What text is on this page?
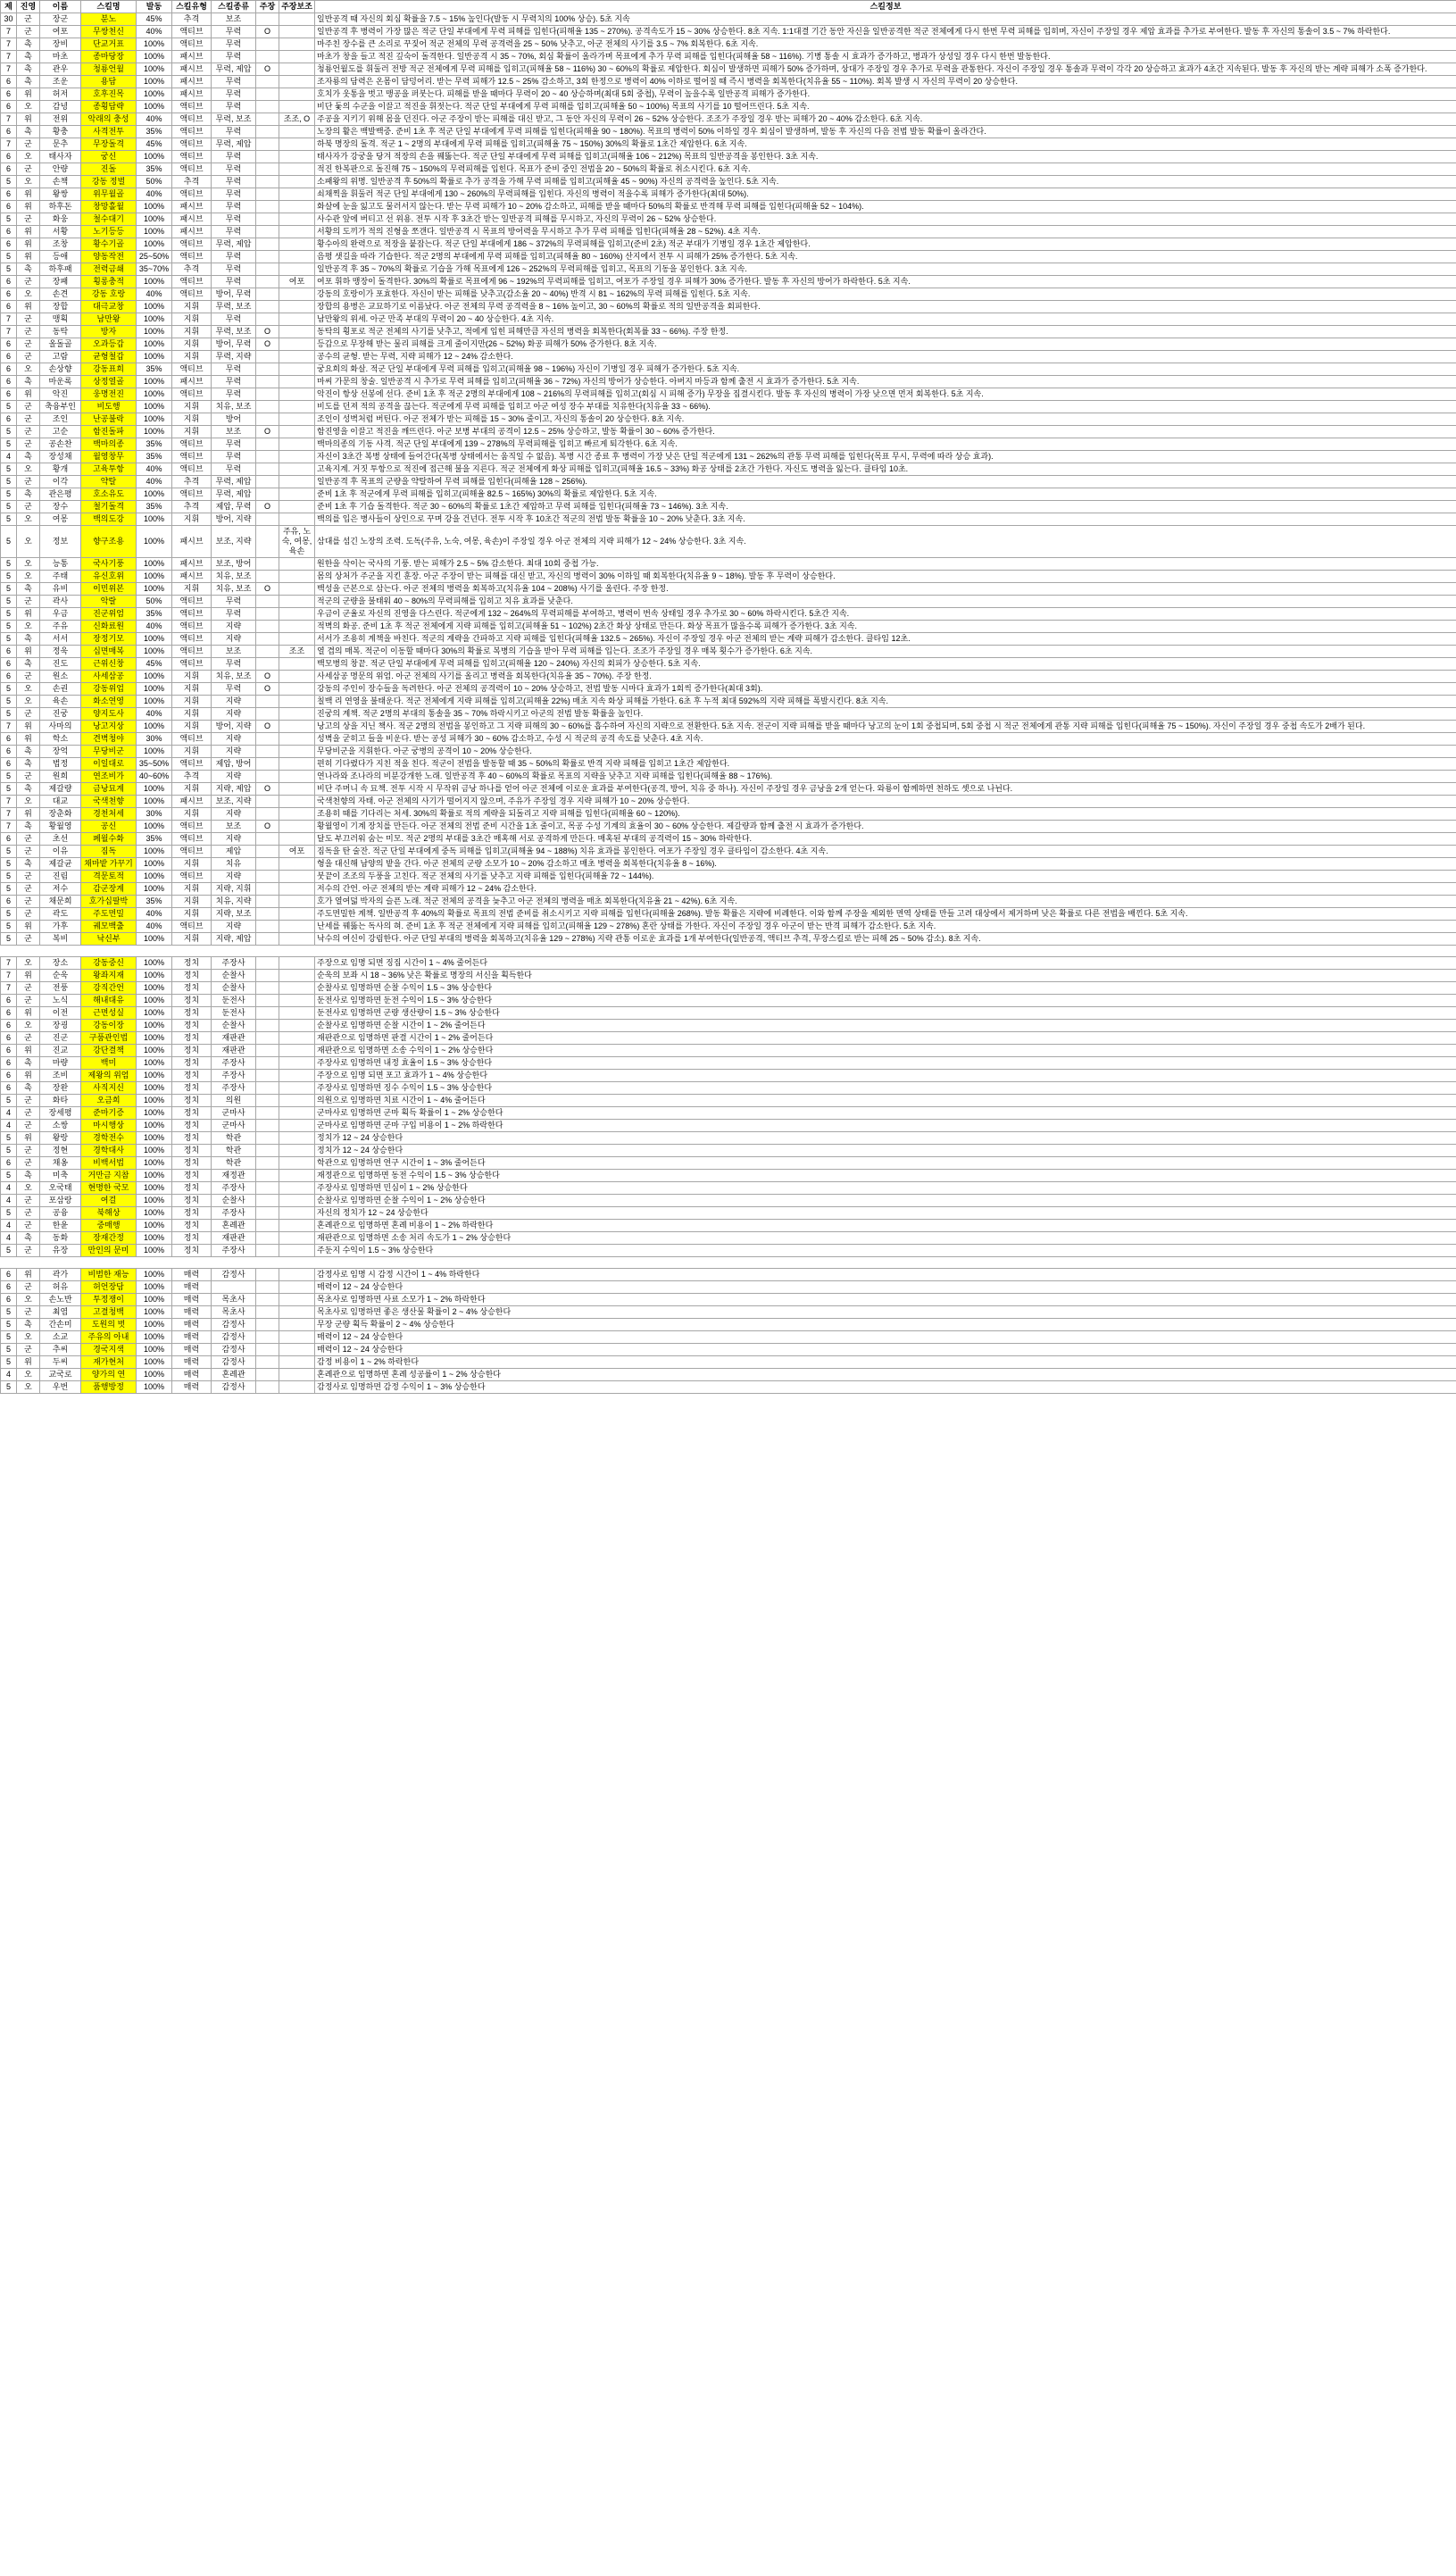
제	진영	이름	스킬명	발동	스킬유형	스킬종류	주장	주장보조	스킬정보
30	군	장군	분노	45%	추격	보조			일반공격 때 자신의 회심 확률을 7.5 ~ 15% 높인다(발동 시 무력치의 100% 상승). 5초 지속
7	군	여포	무쌍천신	40%	액티브	무력	O		일반공격 후 병력이 가장 많은 적군 단일 부대에게 무력 피해를 입힌다(피해율 135 ~ 270%). 공격속도가 15 ~ 30% 상승한다. 8초 지속. 1:1대결 기간 동안 자신을 일반공격한 적군 전체에게 다시 한번 무력 피해를 입히며, 자신이 주장일 경우 제압 효과를 추가로 부여한다. 발동 후 자신의 통솔이 3.5 ~ 7% 하락한다.
7	촉	장비	단교거표	100%	액티브	무력			마주친 장수를 큰 소리로 꾸짖어 적군 전체의 무력 공격력을 25 ~ 50% 낮추고, 아군 전체의 사기를 3.5 ~ 7% 회복한다. 6초 지속.
7	촉	마초	종마당장	100%	패시브	무력			마초가 창을 들고 적진 깊숙이 돌격한다. 일반공격 시 35 ~ 70%, 회심 확률이 올라가며 목표에게 추가 무력 피해를 입힌다(피해율 58 ~ 116%). 기병 통솔 시 효과가 증가하고, 병과가 상성일 경우 다시 한번 발동한다.
7	촉	관우	청룡언월	100%	패시브	무력, 제압	O		청룡언월도를 휘둘러 전방 적군 전체에게 무력 피해를 입히고(피해율 58 ~ 116%) 30 ~ 60%의 확률로 제압한다. 회심이 발생하면 피해가 50% 증가하며, 상대가 주장일 경우 추가로 무력을 관통한다. 자신이 주장일 경우 통솔과 무력이 각각 20 상승하고 효과가 4초간 지속된다. 발동 후 자신의 받는 계략 피해가 소폭 증가한다.
6	촉	조운	용담	100%	패시브	무력			조자룡의 담력은 온몸이 담덩어리. 받는 무력 피해가 12.5 ~ 25% 감소하고, 3회 한정으로 병력이 40% 이하로 떨어질 때 즉시 병력을 회복한다(치유율 55 ~ 110%). 회복 발생 시 자신의 무력이 20 상승한다.
6	위	허저	호후진목	100%	패시브	무력			호치가 웃통을 벗고 맹공을 퍼붓는다. 피해를 받을 때마다 무력이 20 ~ 40 상승하며(최대 5회 중첩), 무력이 높을수록 일반공격 피해가 증가한다.
6	오	감녕	종횡담략	100%	액티브	무력			비단 돛의 수군을 이끌고 적진을 휘젓는다. 적군 단일 부대에게 무력 피해를 입히고(피해율 50 ~ 100%) 목표의 사기를 10 떨어뜨린다. 5초 지속.
7	위	전위	악래의 충성	40%	액티브	무력, 보조		조조, O	주공을 지키기 위해 몸을 던진다. 아군 주장이 받는 피해를 대신 받고, 그 동안 자신의 무력이 26 ~ 52% 상승한다. 조조가 주장일 경우 받는 피해가 20 ~ 40% 감소한다. 6초 지속.
6	촉	황충	사격전투	35%	액티브	무력			노장의 활은 백발백중. 준비 1초 후 적군 단일 부대에게 무력 피해를 입힌다(피해율 90 ~ 180%). 목표의 병력이 50% 이하일 경우 회심이 발생하며, 발동 후 자신의 다음 전법 발동 확률이 올라간다.
7	군	문추	무장돌격	45%	액티브	무력, 제압			하북 명장의 돌격. 적군 1 ~ 2명의 부대에게 무력 피해를 입히고(피해율 75 ~ 150%) 30%의 확률로 1초간 제압한다. 6초 지속.
6	오	태사자	궁신	100%	액티브	무력			태사자가 강궁을 당겨 적장의 손을 꿰뚫는다. 적군 단일 부대에게 무력 피해를 입히고(피해율 106 ~ 212%) 목표의 일반공격을 봉인한다. 3초 지속.
6	군	안량	진돌	35%	액티브	무력			적진 한복판으로 돌진해 75 ~ 150%의 무력피해를 입힌다. 목표가 준비 중인 전법을 20 ~ 50%의 확률로 취소시킨다. 6초 지속.
5	오	손책	강동 정벌	50%	추격	무력			소패왕의 위명. 일반공격 후 50%의 확률로 추가 공격을 가해 무력 피해를 입히고(피해율 45 ~ 90%) 자신의 공격력을 높인다. 5초 지속.
6	위	왕쌍	위무월골	40%	액티브	무력			쇠채찍을 휘둘러 적군 단일 부대에게 130 ~ 260%의 무력피해를 입힌다. 자신의 병력이 적을수록 피해가 증가한다(최대 50%).
6	위	하후돈	창망홀월	100%	패시브	무력			화살에 눈을 잃고도 물러서지 않는다. 받는 무력 피해가 10 ~ 20% 감소하고, 피해를 받을 때마다 50%의 확률로 반격해 무력 피해를 입힌다(피해율 52 ~ 104%).
5	군	화웅	철수대기	100%	패시브	무력			사수관 앞에 버티고 선 위용. 전투 시작 후 3초간 받는 일반공격 피해를 무시하고, 자신의 무력이 26 ~ 52% 상승한다.
6	위	서황	노기등등	100%	패시브	무력			서황의 도끼가 적의 진형을 쪼갠다. 일반공격 시 목표의 방어력을 무시하고 추가 무력 피해를 입힌다(피해율 28 ~ 52%). 4초 지속.
6	위	조창	황수기골	100%	액티브	무력, 제압			황수아의 완력으로 적장을 붙잡는다. 적군 단일 부대에게 186 ~ 372%의 무력피해를 입히고(준비 2초) 적군 부대가 기병일 경우 1초간 제압한다.
5	위	등애	양동작전	25~50%	액티브	무력			음평 샛길을 따라 기습한다. 적군 2명의 부대에게 무력 피해를 입히고(피해율 80 ~ 160%) 산지에서 전투 시 피해가 25% 증가한다. 5초 지속.
5	촉	하후패	전력금쇄	35~70%	추격	무력			일반공격 후 35 ~ 70%의 확률로 기습을 가해 목표에게 126 ~ 252%의 무력피해를 입히고, 목표의 기동을 봉인한다. 3초 지속.
6	군	장패	횡롱충적	100%	액티브	무력		여포	여포 휘하 맹장이 돌격한다. 30%의 확률로 목표에게 96 ~ 192%의 무력피해를 입히고, 여포가 주장일 경우 피해가 30% 증가한다. 발동 후 자신의 방어가 하락한다. 5초 지속.
6	오	손견	강동 호랑	40%	액티브	방어, 무력			강동의 호랑이가 포효한다. 자신이 받는 피해를 낮추고(감소율 20 ~ 40%) 반격 시 81 ~ 162%의 무력 피해를 입힌다. 5초 지속.
6	위	장합	대극교창	100%	지휘	무력, 보조			장합의 용병은 교묘하기로 이름났다. 아군 전체의 무력 공격력을 8 ~ 16% 높이고, 30 ~ 60%의 확률로 적의 일반공격을 회피한다.
7	군	맹획	남만왕	100%	지휘	무력			남만왕의 위세. 아군 만족 부대의 무력이 20 ~ 40 상승한다. 4초 지속.
7	군	동탁	방자	100%	지휘	무력, 보조	O		동탁의 횡포로 적군 전체의 사기를 낮추고, 적에게 입힌 피해만큼 자신의 병력을 회복한다(회복률 33 ~ 66%). 주장 한정.
6	군	올돌골	오과등갑	100%	지휘	방어, 무력	O		등갑으로 무장해 받는 물리 피해를 크게 줄이지만(26 ~ 52%) 화공 피해가 50% 증가한다. 8초 지속.
6	군	고람	균형철갑	100%	지휘	무력, 지략			공수의 균형. 받는 무력, 지략 피해가 12 ~ 24% 감소한다.
6	오	손상향	강동표희	35%	액티브	무력			궁요희의 화살. 적군 단일 부대에게 무력 피해를 입히고(피해율 98 ~ 196%) 자신이 기병일 경우 피해가 증가한다. 5초 지속.
6	촉	마운록	상정열골	100%	패시브	무력			마씨 가문의 창술. 일반공격 시 추가로 무력 피해를 입히고(피해율 36 ~ 72%) 자신의 방어가 상승한다. 아버지 마등과 함께 출전 시 효과가 증가한다. 5초 지속.
6	위	악진	웅명전진	100%	액티브	무력			악진이 항상 선봉에 선다. 준비 1초 후 적군 2명의 부대에게 108 ~ 216%의 무력피해를 입히고(회심 시 피해 증가) 무장을 집결시킨다. 발동 후 자신의 병력이 가장 낮으면 먼저 회복한다. 5초 지속.
5	군	축융부인	비도행	100%	지휘	치유, 보조			비도를 던져 적의 공격을 끊는다. 적군에게 무력 피해를 입히고 아군 여성 장수 부대를 치유한다(치유율 33 ~ 66%).
6	군	조인	난공불락	100%	지휘	방어			조인이 성벽처럼 버틴다. 아군 전체가 받는 피해를 15 ~ 30% 줄이고, 자신의 통솔이 20 상승한다. 8초 지속.
5	군	고순	함진돌파	100%	지휘	보조	O		함진영을 이끌고 적진을 깨뜨린다. 아군 보병 부대의 공격이 12.5 ~ 25% 상승하고, 발동 확률이 30 ~ 60% 증가한다.
5	군	공손찬	백마의종	35%	액티브	무력			백마의종의 기동 사격. 적군 단일 부대에게 139 ~ 278%의 무력피해를 입히고 빠르게 퇴각한다. 6초 지속.
4	촉	장성채	월영창무	35%	액티브	무력			자신이 3초간 복병 상태에 들어간다(복병 상태에서는 움직일 수 없음). 복병 시간 종료 후 병력이 가장 낮은 단일 적군에게 131 ~ 262%의 관통 무력 피해를 입힌다(목표 무시, 무력에 따라 상승 효과).
5	오	황개	고육투항	40%	액티브	무력			고육지계. 거짓 투항으로 적진에 접근해 불을 지른다. 적군 전체에게 화상 피해를 입히고(피해율 16.5 ~ 33%) 화공 상태를 2초간 가한다. 자신도 병력을 잃는다. 클타임 10초.
5	군	이각	약탈	40%	추격	무력, 제압			일반공격 후 목표의 군량을 약탈하여 무력 피해를 입힌다(피해율 128 ~ 256%).
5	촉	관은평	호소유도	100%	액티브	무력, 제압			준비 1초 후 적군에게 무력 피해를 입히고(피해율 82.5 ~ 165%) 30%의 확률로 제압한다. 5초 지속.
5	군	장수	철기돌격	35%	추격	제압, 무력	O		준비 1초 후 기습 돌격한다. 적군 30 ~ 60%의 확률로 1초간 제압하고 무력 피해를 입힌다(피해율 73 ~ 146%). 3초 지속.
5	오	여몽	백의도강	100%	지휘	방어, 지략			백의를 입은 병사들이 상인으로 꾸며 강을 건넌다. 전투 시작 후 10초간 적군의 전법 발동 확률을 10 ~ 20% 낮춘다. 3초 지속.
5	오	정보	향구조용	100%	패시브	보조, 지략		주유, 노숙, 여몽, 육손	삼대를 섬긴 노장의 조력. 도독(주유, 노숙, 여몽, 육손)이 주장일 경우 아군 전체의 지략 피해가 12 ~ 24% 상승한다. 3초 지속.
5	오	능통	국사기풍	100%	패시브	보조, 방어			원한을 삭이는 국사의 기풍. 받는 피해가 2.5 ~ 5% 감소한다. 최대 10회 중첩 가능.
5	오	주태	유신호위	100%	패시브	치유, 보조			몸의 상처가 주군을 지킨 훈장. 아군 주장이 받는 피해를 대신 받고, 자신의 병력이 30% 이하일 때 회복한다(치유율 9 ~ 18%). 발동 후 무력이 상승한다.
5	촉	유비	이민위본	100%	지휘	치유, 보조	O		백성을 근본으로 삼는다. 아군 전체의 병력을 회복하고(치유율 104 ~ 208%) 사기를 올린다. 주장 한정.
5	군	곽사	악랄	50%	액티브	무력			적군의 군량을 불태워 40 ~ 80%의 무력피해를 입히고 치유 효과를 낮춘다.
5	위	우금	진군위엄	35%	액티브	무력			우금이 군율로 자신의 진영을 다스린다. 적군에게 132 ~ 264%의 무력피해를 부여하고, 병력이 번속 상태일 경우 추가로 30 ~ 60% 하락시킨다. 5초간 지속.
5	오	주유	신화료원	40%	액티브	지략			적벽의 화공. 준비 1초 후 적군 전체에게 지략 피해를 입히고(피해율 51 ~ 102%) 2초간 화상 상태로 만든다. 화상 목표가 많을수록 피해가 증가한다. 3초 지속.
5	촉	서서	장정기모	100%	액티브	지략			서서가 조용히 계책을 바친다. 적군의 계략을 간파하고 지략 피해를 입힌다(피해율 132.5 ~ 265%). 자신이 주장일 경우 아군 전체의 받는 계략 피해가 감소한다. 클타임 12초.
6	위	정욱	십면매복	100%	액티브	보조		조조	열 겹의 매복. 적군이 이동할 때마다 30%의 확률로 복병의 기습을 받아 무력 피해를 입는다. 조조가 주장일 경우 매복 횟수가 증가한다. 6초 지속.
6	촉	진도	근위신창	45%	액티브	무력			백모병의 창끝. 적군 단일 부대에게 무력 피해를 입히고(피해율 120 ~ 240%) 자신의 회피가 상승한다. 5초 지속.
6	군	원소	사세삼공	100%	지휘	치유, 보조	O		사세삼공 명문의 위엄. 아군 전체의 사기를 올리고 병력을 회복한다(치유율 35 ~ 70%). 주장 한정.
5	오	손권	강동위업	100%	지휘	무력	O		강동의 주인이 장수들을 독려한다. 아군 전체의 공격력이 10 ~ 20% 상승하고, 전법 발동 시마다 효과가 1회씩 증가한다(최대 3회).
5	오	육손	화소연영	100%	지휘	지략			칠백 리 연영을 불태운다. 적군 전체에게 지략 피해를 입히고(피해율 22%) 매초 지속 화상 피해를 가한다. 6초 후 누적 최대 592%의 지략 피해를 폭발시킨다. 8초 지속.
5	군	진궁	양지도사	40%	지휘	지략			진궁의 계책. 적군 2명의 부대의 통솔을 35 ~ 70% 하락시키고 아군의 전법 발동 확률을 높인다.
7	위	사마의	낭고지상	100%	지휘	방어, 지략	O		낭고의 상을 지닌 책사. 적군 2명의 전법을 봉인하고 그 지략 피해의 30 ~ 60%를 흡수하여 자신의 지략으로 전환한다. 5초 지속. 전군이 지략 피해를 받을 때마다 낭고의 눈이 1회 중첩되며, 5회 중첩 시 적군 전체에게 관통 지략 피해를 입힌다(피해율 75 ~ 150%). 자신이 주장일 경우 중첩 속도가 2배가 된다.
6	위	학소	견벽청야	30%	액티브	지략			성벽을 굳히고 들을 비운다. 받는 공성 피해가 30 ~ 60% 감소하고, 수성 시 적군의 공격 속도를 낮춘다. 4초 지속.
6	촉	장억	무당비군	100%	지휘	지략			무당비군을 지휘한다. 아군 궁병의 공격이 10 ~ 20% 상승한다.
6	촉	법정	이일대로	35~50%	액티브	제압, 방어			편히 기다렸다가 지친 적을 친다. 적군이 전법을 발동할 때 35 ~ 50%의 확률로 반격 지략 피해를 입히고 1초간 제압한다.
5	군	원희	연조비가	40~60%	추격	지략			연나라와 조나라의 비분강개한 노래. 일반공격 후 40 ~ 60%의 확률로 목표의 지략을 낮추고 지략 피해를 입힌다(피해율 88 ~ 176%).
5	촉	제갈량	금낭묘계	100%	지휘	지략, 제압	O		비단 주머니 속 묘책. 전투 시작 시 무작위 금낭 하나를 얻어 아군 전체에 이로운 효과를 부여한다(공격, 방어, 치유 중 하나). 자신이 주장일 경우 금낭을 2개 얻는다. 와룡이 함께하면 천하도 셋으로 나뉜다.
7	오	대교	국색천향	100%	패시브	보조, 지략			국색천향의 자태. 아군 전체의 사기가 떨어지지 않으며, 주유가 주장일 경우 지략 피해가 10 ~ 20% 상승한다.
7	위	장춘화	경천처세	30%	지휘	지략			조용히 때를 기다리는 처세. 30%의 확률로 적의 계략을 되돌리고 지략 피해를 입힌다(피해율 60 ~ 120%).
7	촉	황월영	공신	100%	액티브	보조	O		황월영이 기계 장치를 만든다. 아군 전체의 전법 준비 시간을 1초 줄이고, 목공 수성 기계의 효율이 30 ~ 60% 상승한다. 제갈량과 함께 출전 시 효과가 증가한다.
6	군	초선	폐월수화	35%	액티브	지략			달도 부끄러워 숨는 미모. 적군 2명의 부대를 3초간 매혹해 서로 공격하게 만든다. 매혹된 부대의 공격력이 15 ~ 30% 하락한다.
5	군	이유	짐독	100%	액티브	제압		여포	짐독을 탄 술잔. 적군 단일 부대에게 중독 피해를 입히고(피해율 94 ~ 188%) 치유 효과를 봉인한다. 여포가 주장일 경우 클타임이 감소한다. 4초 지속.
5	촉	제갈균	채마밭 가꾸기	100%	지휘	치유			형을 대신해 남양의 밭을 간다. 아군 전체의 군량 소모가 10 ~ 20% 감소하고 매초 병력을 회복한다(치유율 8 ~ 16%).
5	군	진림	격문토적	100%	액티브	지략			붓끝이 조조의 두풍을 고친다. 적군 전체의 사기를 낮추고 지략 피해를 입힌다(피해율 72 ~ 144%).
5	군	저수	감군장계	100%	지휘	지략, 지휘			저수의 간언. 아군 전체의 받는 계략 피해가 12 ~ 24% 감소한다.
6	군	채문희	호가십팔박	35%	지휘	치유, 지략			호가 열여덟 박자의 슬픈 노래. 적군 전체의 공격을 늦추고 아군 전체의 병력을 매초 회복한다(치유율 21 ~ 42%). 6초 지속.
5	군	곽도	주도면밀	40%	지휘	지략, 보조			주도면밀한 계책. 일반공격 후 40%의 확률로 목표의 전법 준비를 취소시키고 지략 피해를 입힌다(피해율 268%). 발동 확률은 지략에 비례한다. 이와 함께 주장을 제외한 면역 상태를 만들 고려 대상에서 제거하며 낮은 확률로 다른 전법을 배낀다. 5초 지속.
5	위	가후	궤모백출	40%	액티브	지략			난세를 꿰뚫는 독사의 혀. 준비 1초 후 적군 전체에게 지략 피해를 입히고(피해율 129 ~ 278%) 혼란 상태를 가한다. 자신이 주장일 경우 아군이 받는 반격 피해가 감소한다. 5초 지속.
5	군	복비	낙신부	100%	지휘	지략, 제압			낙수의 여신이 강림한다. 아군 단일 부대의 병력을 회복하고(치유율 129 ~ 278%) 지략 관통 이로운 효과를 1개 부여한다(일반공격, 액티브 추격, 무장스킬로 받는 피해 25 ~ 50% 감소). 8초 지속.

7	오	장소	강동중신	100%	정치	주장사			주장으로 임명 되면 징집 시간이 1 ~ 4% 줄어든다
7	위	순욱	왕좌지재	100%	정치	순찰사			순욱의 보좌 시 18 ~ 36% 낮은 확률로 명장의 서신을 획득한다
7	군	전풍	강직간언	100%	정치	순찰사			순찰사로 임명하면 순찰 수익이 1.5 ~ 3% 상승한다
6	군	노식	해내대유	100%	정치	둔전사			둔전사로 임명하면 둔전 수익이 1.5 ~ 3% 상승한다
6	위	이전	근면성실	100%	정치	둔전사			둔전사로 임명하면 군량 생산량이 1.5 ~ 3% 상승한다
6	오	장굉	강동이장	100%	정치	순찰사			순찰사로 임명하면 순찰 시간이 1 ~ 2% 줄어든다
6	군	진군	구품관인법	100%	정치	재판관			재판관으로 임명하면 판결 시간이 1 ~ 2% 줄어든다
6	위	진교	강단결책	100%	정치	재판관			재판관으로 임명하면 소송 수익이 1 ~ 2% 상승한다
6	촉	마량	백미	100%	정치	주장사			주장사로 임명하면 내정 효율이 1.5 ~ 3% 상승한다
6	위	조비	제왕의 위엄	100%	정치	주장사			주장으로 임명 되면 포고 효과가 1 ~ 4% 상승한다
6	촉	장완	사직지신	100%	정치	주장사			주장사로 임명하면 징수 수익이 1.5 ~ 3% 상승한다
5	군	화타	오금희	100%	정치	의원			의원으로 임명하면 치료 시간이 1 ~ 4% 줄어든다
4	군	장세평	준마기증	100%	정치	군마사			군마사로 임명하면 군마 획득 확률이 1 ~ 2% 상승한다
4	군	소쌍	마시행상	100%	정치	군마사			군마사로 임명하면 군마 구입 비용이 1 ~ 2% 하락한다
5	위	왕랑	경학전수	100%	정치	학관			정치가 12 ~ 24 상승한다
5	군	정현	경학대사	100%	정치	학관			정치가 12 ~ 24 상승한다
6	군	채옹	비백서법	100%	정치	학관			학관으로 임명하면 연구 시간이 1 ~ 3% 줄어든다
5	촉	미축	거만금 지참	100%	정치	재정관			재정관으로 임명하면 동전 수익이 1.5 ~ 3% 상승한다
4	오	오국태	현명한 국모	100%	정치	주장사			주장사로 임명하면 민심이 1 ~ 2% 상승한다
4	군	포삼랑	여걸	100%	정치	순찰사			순찰사로 임명하면 순찰 수익이 1 ~ 2% 상승한다
5	군	공융	북해상	100%	정치	주장사			자신의 정치가 12 ~ 24 상승한다
4	군	한윤	중매행	100%	정치	혼례관			혼례관으로 임명하면 혼례 비용이 1 ~ 2% 하락한다
4	촉	동화	장재간정	100%	정치	재판관			재판관으로 임명하면 소송 처리 속도가 1 ~ 2% 상승한다
5	군	유장	만인의 문미	100%	정치	주장사			주둔지 수익이 1.5 ~ 3% 상승한다

6	위	곽가	비범한 재능	100%	매력	감정사			감정사로 임명 시 감정 시간이 1 ~ 4% 하락한다
6	군	허유	허언장담	100%	매력				매력이 12 ~ 24 상승한다
6	오	손노반	투정쟁이	100%	매력	목초사			목초사로 임명하면 사료 소모가 1 ~ 2% 하락한다
5	군	최염	고결청백	100%	매력	목초사			목초사로 임명하면 좋은 생산물 확률이 2 ~ 4% 상승한다
5	촉	간손미	도원의 벗	100%	매력	감정사			무장 군량 획득 확률이 2 ~ 4% 상승한다
5	오	소교	주유의 아내	100%	매력	감정사			매력이 12 ~ 24 상승한다
5	군	추씨	경국지색	100%	매력	감정사			매력이 12 ~ 24 상승한다
5	위	두씨	재가현처	100%	매력	감정사			감정 비용이 1 ~ 2% 하락한다
4	오	교국로	양가의 연	100%	매력	혼례관			혼례관으로 임명하면 혼례 성공률이 1 ~ 2% 상승한다
5	오	우번	품행방정	100%	매력	감정사			감정사로 임명하면 감정 수익이 1 ~ 3% 상승한다
